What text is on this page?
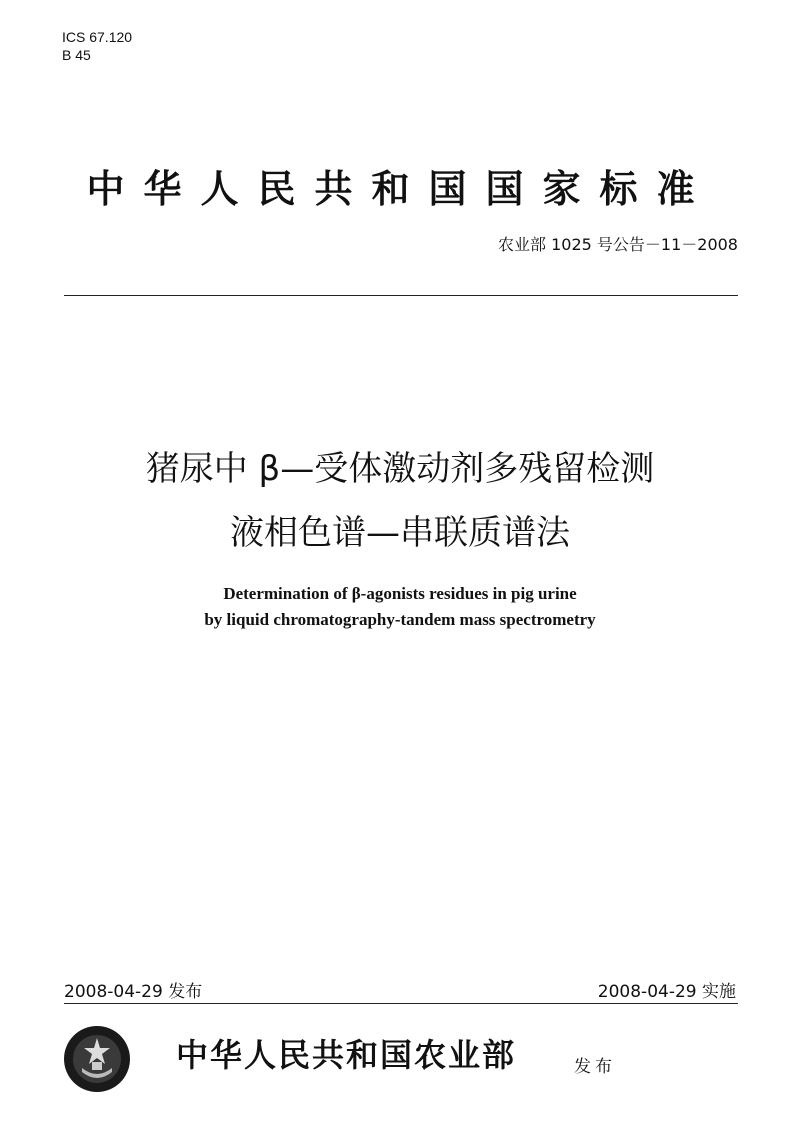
ICS 67.120
B 45
中华人民共和国国家标准
农业部 1025 号公告－11－2008
猪尿中 β—受体激动剂多残留检测
液相色谱—串联质谱法
Determination of β-agonists residues in pig urine
by liquid chromatography-tandem mass spectrometry
2008-04-29 发布	2008-04-29 实施
中华人民共和国农业部	发布
